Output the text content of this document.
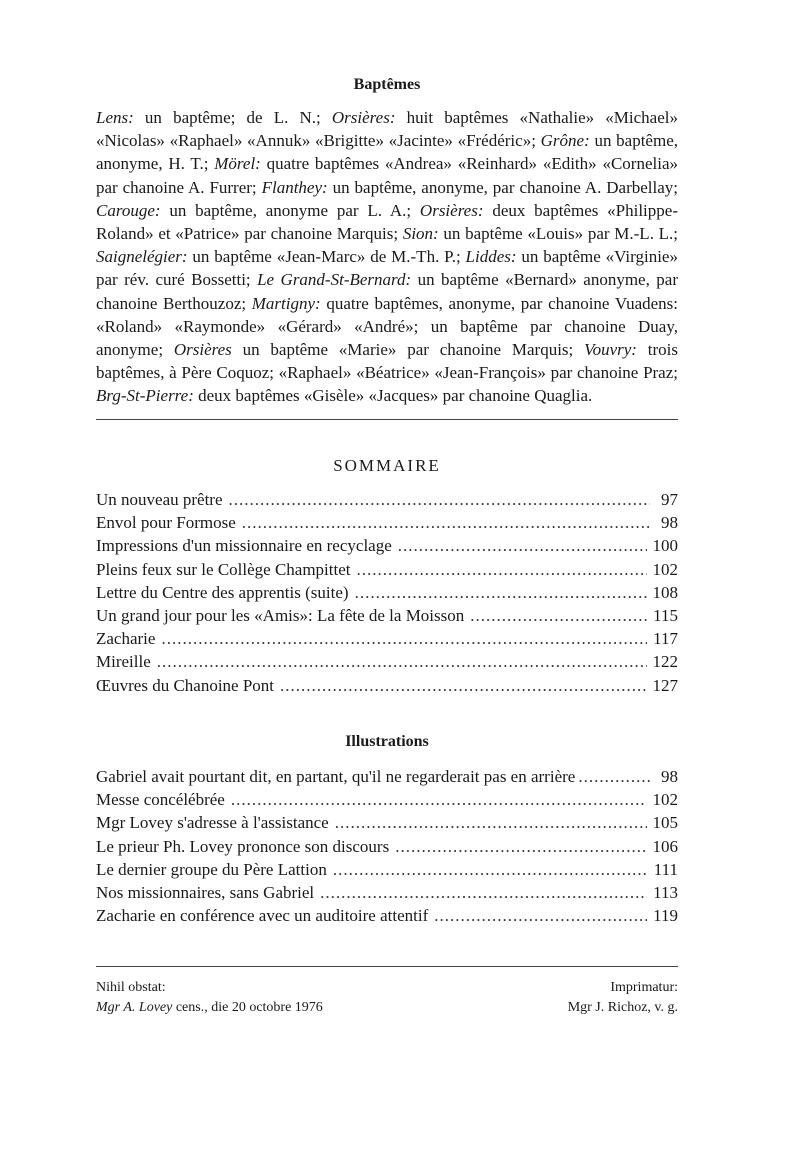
Baptêmes

Lens: un baptême; de L. N.; Orsières: huit baptêmes «Nathalie» «Michael» «Nicolas» «Raphael» «Annuk» «Brigitte» «Jacinte» «Frédéric»; Grône: un baptême, anonyme, H. T.; Mörel: quatre baptêmes «Andrea» «Reinhard» «Edith» «Cornelia» par chanoine A. Furrer; Flanthey: un baptême, anonyme, par chanoine A. Darbellay; Carouge: un baptême, anonyme par L. A.; Orsières: deux baptêmes «Philippe-Roland» et «Patrice» par chanoine Marquis; Sion: un baptême «Louis» par M.-L. L.; Saignelégier: un baptême «Jean-Marc» de M.-Th. P.; Liddes: un baptême «Virginie» par rév. curé Bossetti; Le Grand-St-Bernard: un baptême «Bernard» anonyme, par chanoine Berthouzoz; Martigny: quatre baptêmes, anonyme, par chanoine Vuadens: «Roland» «Raymonde» «Gérard» «André»; un baptême par chanoine Duay, anonyme; Orsières un baptême «Marie» par chanoine Marquis; Vouvry: trois baptêmes, à Père Coquoz; «Raphael» «Béatrice» «Jean-François» par chanoine Praz; Brg-St-Pierre: deux baptêmes «Gisèle» «Jacques» par chanoine Quaglia.

SOMMAIRE
Un nouveau prêtre .....	97
Envol pour Formose .....	98
Impressions d'un missionnaire en recyclage .....	100
Pleins feux sur le Collège Champittet .....	102
Lettre du Centre des apprentis (suite) .....	108
Un grand jour pour les «Amis»: La fête de la Moisson .....	115
Zacharie .....	117
Mireille .....	122
Œuvres du Chanoine Pont .....	127
Illustrations
Gabriel avait pourtant dit, en partant, qu'il ne regarderait pas en arrière .....	98
Messe concélébrée .....	102
Mgr Lovey s'adresse à l'assistance .....	105
Le prieur Ph. Lovey prononce son discours .....	106
Le dernier groupe du Père Lattion .....	111
Nos missionnaires, sans Gabriel .....	113
Zacharie en conférence avec un auditoire attentif .....	119
Nihil obstat:
Mgr A. Lovey cens., die 20 octobre 1976
Imprimatur:
Mgr J. Richoz, v. g.
